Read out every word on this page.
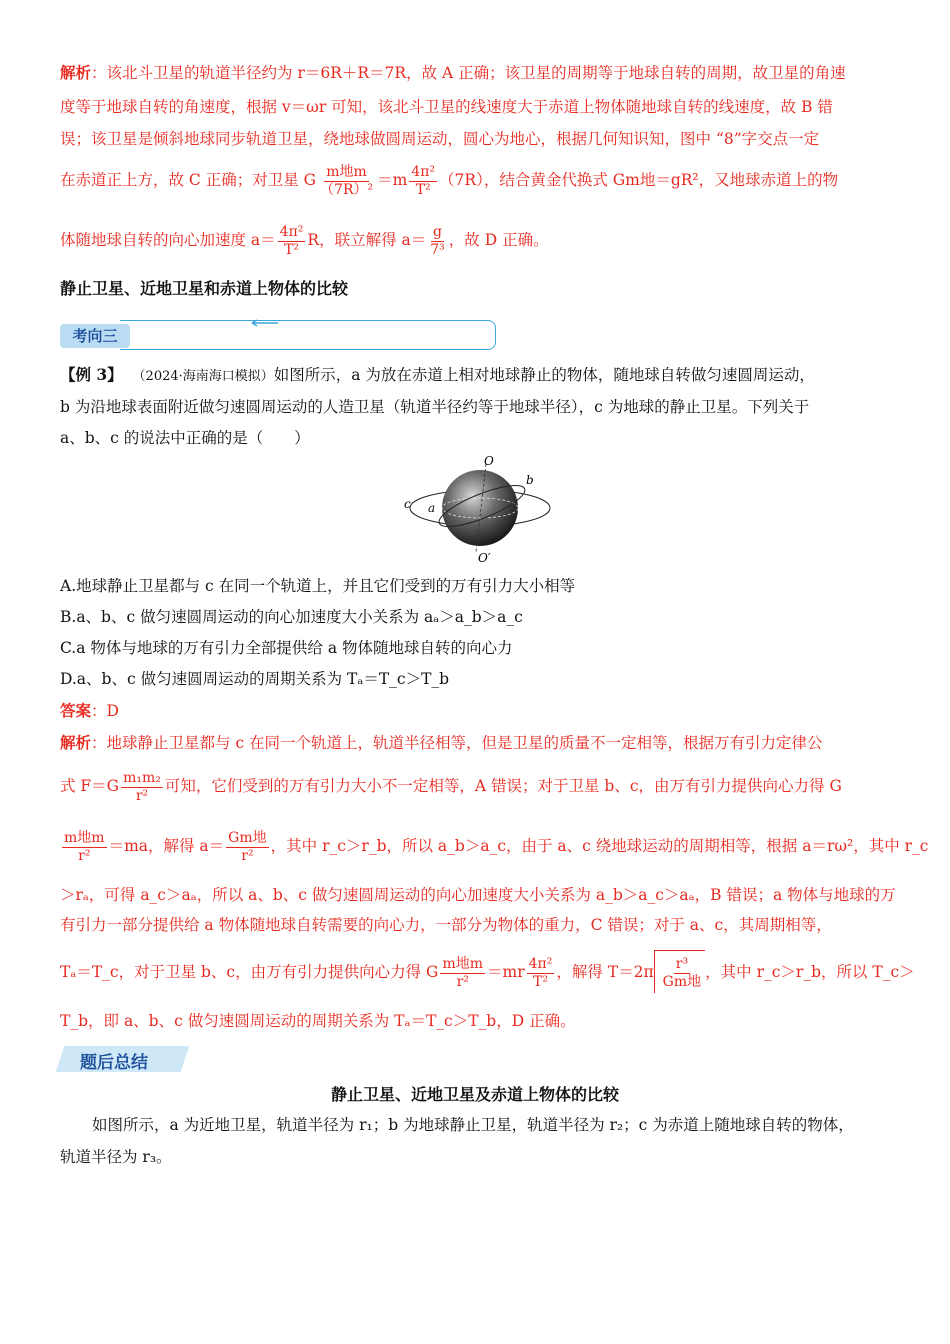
解析：该北斗卫星的轨道半径约为 r＝6R＋R＝7R，故 A 正确；该卫星的周期等于地球自转的周期，故卫星的角速
度等于地球自转的角速度，根据 v＝ωr 可知，该北斗卫星的线速度大于赤道上物体随地球自转的线速度，故 B 错
误；该卫星是倾斜地球同步轨道卫星，绕地球做圆周运动，圆心为地心，根据几何知识知，图中 “8”字交点一定
在赤道正上方，故 C 正确；对卫星 G $\frac{\text{m地m}}{\text{（7R）²}} =m \frac{\text{4π²}}{\text{T²}} (7R)$，结合黄金代换式 Gm地＝gR²，又地球赤道上的物
体随地球自转的向心加速度 $a= \frac{\text{4π²}}{\text{T²}}$ R，联立解得 $a= \frac{g}{\text{7³}}$ ，故 D 正确。
静止卫星、近地卫星和赤道上物体的比较
考向三
【例 3】 （2024·海南海口模拟）如图所示，a 为放在赤道上相对地球静止的物体，随地球自转做匀速圆周运动，
b 为沿地球表面附近做匀速圆周运动的人造卫星（轨道半径约等于地球半径），c 为地球的静止卫星。下列关于
a、b、c 的说法中正确的是（　　）
O
O′
a
b
c
A.地球静止卫星都与 c 在同一个轨道上，并且它们受到的万有引力大小相等
B.a、b、c 做匀速圆周运动的向心加速度大小关系为 aₐ＞a_b＞a_c
C.a 物体与地球的万有引力全部提供给 a 物体随地球自转的向心力
D.a、b、c 做匀速圆周运动的周期关系为 Tₐ＝T_c＞T_b
答案：D
解析：地球静止卫星都与 c 在同一个轨道上，轨道半径相等，但是卫星的质量不一定相等，根据万有引力定律公
式 $F=G \frac{\text{m₁m₂}}{\text{r²}}$ 可知，它们受到的万有引力大小不一定相等，A 错误；对于卫星 b、c，由万有引力提供向心力得 G
$\frac{\text{m地m}}{\text{r²}} =ma$，解得 $a= \frac{\text{Gm地}}{\text{r²}}$ ，其中 r_c＞r_b，所以 a_b＞a_c，由于 a、c 绕地球运动的周期相等，根据 a＝rω²，其中 r_c
＞rₐ，可得 a_c＞aₐ，所以 a、b、c 做匀速圆周运动的向心加速度大小关系为 a_b＞a_c＞aₐ，B 错误；a 物体与地球的万
有引力一部分提供给 a 物体随地球自转需要的向心力，一部分为物体的重力，C 错误；对于 a、c，其周期相等，
Tₐ＝T_c，对于卫星 b、c，由万有引力提供向心力得 G $\frac{\text{m地m}}{\text{r²}} =mr \frac{\text{4π²}}{\text{T²}}$ ，解得 $T=2\pi \frac{\text{r³}}{\text{Gm地}}$ ，其中 r_c＞r_b，所以 T_c＞
T_b，即 a、b、c 做匀速圆周运动的周期关系为 Tₐ＝T_c＞T_b，D 正确。
题后总结
静止卫星、近地卫星及赤道上物体的比较
如图所示，a 为近地卫星，轨道半径为 r₁；b 为地球静止卫星，轨道半径为 r₂；c 为赤道上随地球自转的物体，
轨道半径为 r₃。
